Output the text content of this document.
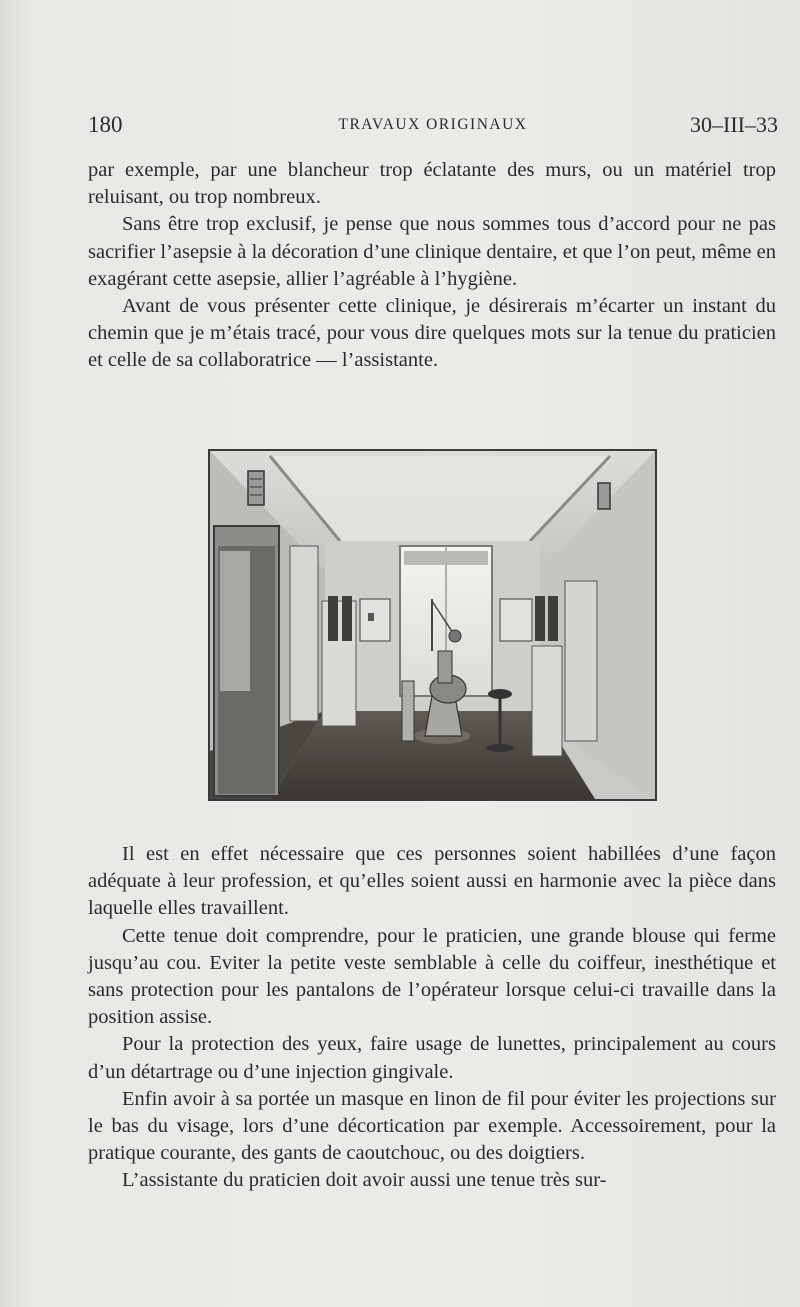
180	TRAVAUX ORIGINAUX	30–III–33

par exemple, par une blancheur trop éclatante des murs, ou un matériel trop reluisant, ou trop nombreux.

Sans être trop exclusif, je pense que nous sommes tous d’accord pour ne pas sacrifier l’asepsie à la décoration d’une clinique dentaire, et que l’on peut, même en exagérant cette asepsie, allier l’agréable à l’hygiène.

Avant de vous présenter cette clinique, je désirerais m’écarter un instant du chemin que je m’étais tracé, pour vous dire quelques mots sur la tenue du praticien et celle de sa collaboratrice — l’assistante.

Il est en effet nécessaire que ces personnes soient habillées d’une façon adéquate à leur profession, et qu’elles soient aussi en harmonie avec la pièce dans laquelle elles travaillent.

Cette tenue doit comprendre, pour le praticien, une grande blouse qui ferme jusqu’au cou. Eviter la petite veste semblable à celle du coiffeur, inesthétique et sans protection pour les pantalons de l’opérateur lorsque celui-ci travaille dans la position assise.

Pour la protection des yeux, faire usage de lunettes, principalement au cours d’un détartrage ou d’une injection gingivale.

Enfin avoir à sa portée un masque en linon de fil pour éviter les projections sur le bas du visage, lors d’une décortication par exemple. Accessoirement, pour la pratique courante, des gants de caoutchouc, ou des doigtiers.

L’assistante du praticien doit avoir aussi une tenue très sur-
